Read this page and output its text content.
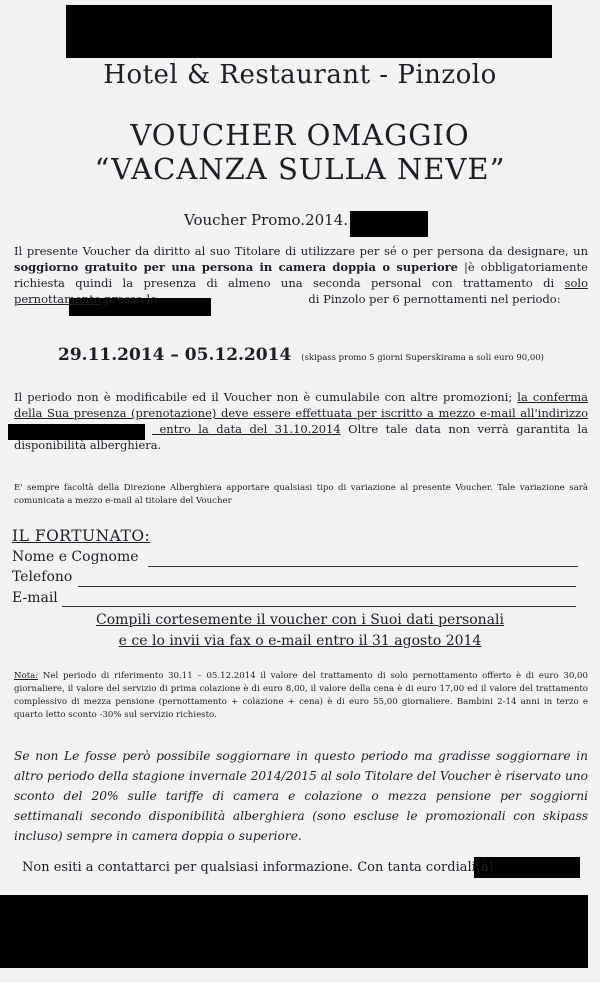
Hotel & Restaurant - Pinzolo
VOUCHER OMAGGIO
“VACANZA SULLA NEVE”
Voucher Promo.2014.
Il presente Voucher da diritto al suo Titolare di utilizzare per sé o per persona da designare, un soggiorno gratuito per una persona in camera doppia o superiore |è obbligatoriamente richiesta quindi la presenza di almeno una seconda personal con trattamento di solo pernottamento presso lo	di Pinzolo per 6 pernottamenti nel periodo:
29.11.2014 – 05.12.2014 (skipass promo 5 giorni Superskirama a soli euro 90,00)
Il periodo non è modificabile ed il Voucher non è cumulabile con altre promozioni; la conferma della Sua presenza (prenotazione) deve essere effettuata per iscritto a mezzo e-mail all'indirizzo entro la data del 31.10.2014 Oltre tale data non verrà garantita la disponibilità alberghiera.
E' sempre facoltà della Direzione Alberghiera apportare qualsiasi tipo di variazione al presente Voucher. Tale variazione sarà comunicata a mezzo e-mail al titolare del Voucher
IL FORTUNATO:
Nome e Cognome
Telefono
E-mail
Compili cortesemente il voucher con i Suoi dati personali
e ce lo invii via fax o e-mail entro il 31 agosto 2014
Nota: Nel periodo di riferimento 30.11 – 05.12.2014 il valore del trattamento di solo pernottamento offerto è di euro 30,00 giornaliere, il valore del servizio di prima colazione è di euro 8,00, il valore della cena è di euro 17,00 ed il valore del trattamento complessivo di mezza pensione (pernottamento + colazione + cena) è di euro 55,00 giornaliere. Bambini 2-14 anni in terzo e quarto letto sconto -30% sul servizio richiesto.
Se non Le fosse però possibile soggiornare in questo periodo ma gradisse soggiornare in altro periodo della stagione invernale 2014/2015 al solo Titolare del Voucher è riservato uno sconto del 20% sulle tariffe di camera e colazione o mezza pensione per soggiorni settimanali secondo disponibilità alberghiera (sono escluse le promozionali con skipass incluso) sempre in camera doppia o superiore.
Non esiti a contattarci per qualsiasi informazione. Con tanta cordialità!
